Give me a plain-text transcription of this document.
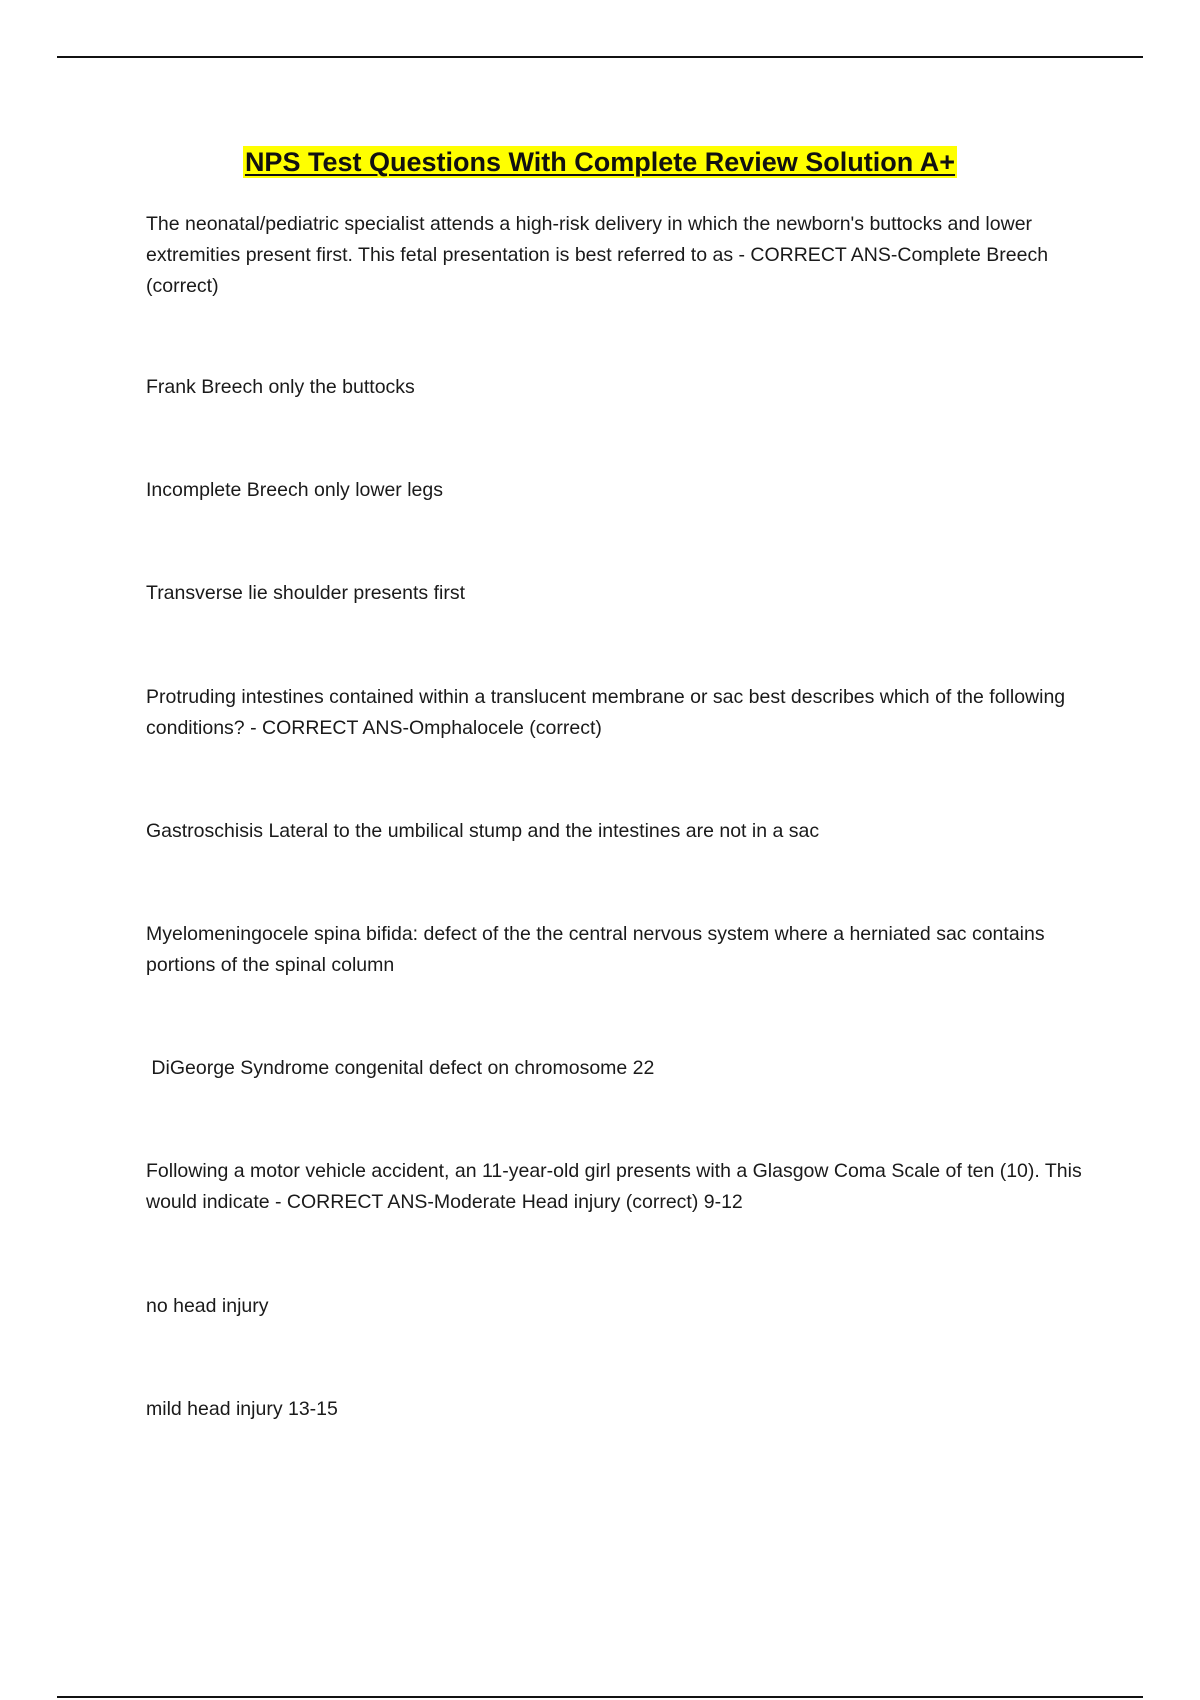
NPS Test Questions With Complete Review Solution A+

The neonatal/pediatric specialist attends a high-risk delivery in which the newborn's buttocks and lower extremities present first. This fetal presentation is best referred to as - CORRECT ANS-Complete Breech (correct)

Frank Breech only the buttocks

Incomplete Breech only lower legs

Transverse lie shoulder presents first

Protruding intestines contained within a translucent membrane or sac best describes which of the following conditions? - CORRECT ANS-Omphalocele (correct)

Gastroschisis Lateral to the umbilical stump and the intestines are not in a sac

Myelomeningocele spina bifida: defect of the the central nervous system where a herniated sac contains portions of the spinal column

DiGeorge Syndrome congenital defect on chromosome 22

Following a motor vehicle accident, an 11-year-old girl presents with a Glasgow Coma Scale of ten (10). This would indicate - CORRECT ANS-Moderate Head injury (correct) 9-12

no head injury

mild head injury 13-15
